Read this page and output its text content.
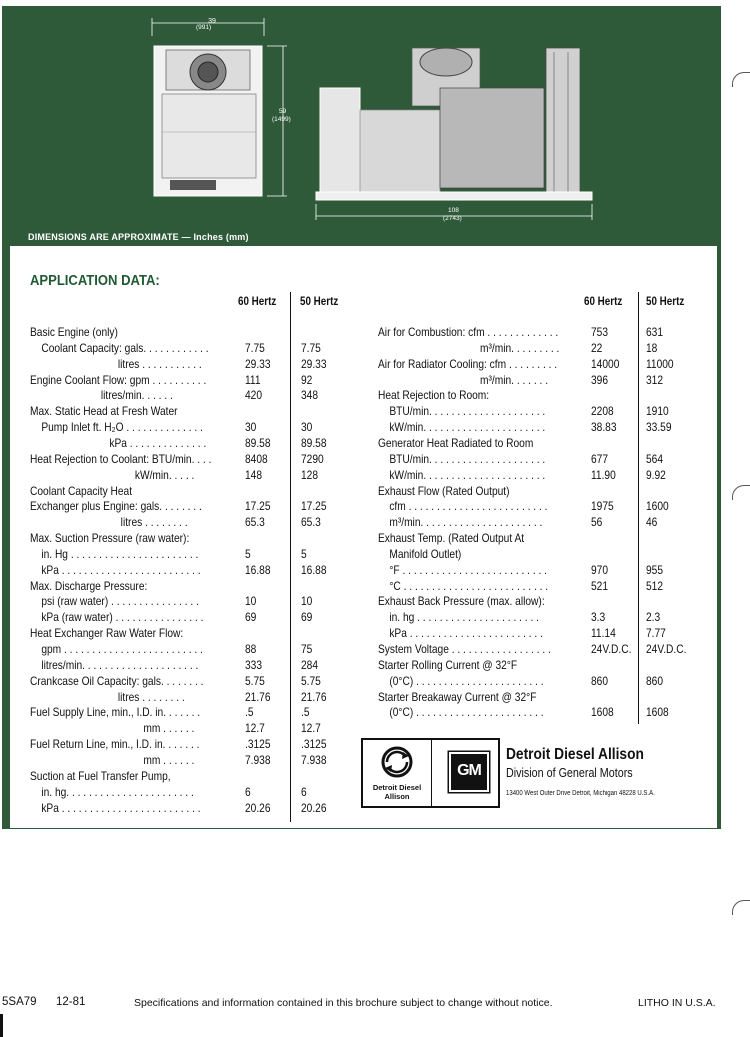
39
(991)
59
(1499)
108
(2743)
DIMENSIONS ARE APPROXIMATE — Inches (mm)
APPLICATION DATA:
60 Hertz 50 Hertz	60 Hertz 50 Hertz
Basic Engine (only)
Coolant Capacity: gals. . . . . . . . . . . .	7.75	7.75
litres . . . . . . . . . . .	29.33	29.33
Engine Coolant Flow: gpm . . . . . . . . . .	111	92
litres/min. . . . . .	420	348
Max. Static Head at Fresh Water
Pump Inlet ft. H₂O . . . . . . . . . . . . . .	30	30
kPa . . . . . . . . . . . . . .	89.58	89.58
Heat Rejection to Coolant: BTU/min. . . .	8408	7290
kW/min. . . . .	148	128
Coolant Capacity Heat
Exchanger plus Engine: gals. . . . . . . .	17.25	17.25
litres . . . . . . . .	65.3	65.3
Max. Suction Pressure (raw water):
in. Hg . . . . . . . . . . . . . . . . . . . . . . .	5	5
kPa . . . . . . . . . . . . . . . . . . . . . . . . .	16.88	16.88
Max. Discharge Pressure:
psi (raw water) . . . . . . . . . . . . . . . .	10	10
kPa (raw water) . . . . . . . . . . . . . . . .	69	69
Heat Exchanger Raw Water Flow:
gpm . . . . . . . . . . . . . . . . . . . . . . . . .	88	75
litres/min. . . . . . . . . . . . . . . . . . . . .	333	284
Crankcase Oil Capacity: gals. . . . . . . .	5.75	5.75
litres . . . . . . . .	21.76	21.76
Fuel Supply Line, min., I.D. in. . . . . . .	.5	.5
mm . . . . . .	12.7	12.7
Fuel Return Line, min., I.D. in. . . . . . .	.3125	.3125
mm . . . . . .	7.938	7.938
Suction at Fuel Transfer Pump,
in. hg. . . . . . . . . . . . . . . . . . . . . . .	6	6
kPa . . . . . . . . . . . . . . . . . . . . . . . . .	20.26	20.26
Air for Combustion: cfm . . . . . . . . . . . . .	753	631
m³/min. . . . . . . . .	22	18
Air for Radiator Cooling: cfm . . . . . . . . .	14000 11000
m³/min. . . . . . .	396	312
Heat Rejection to Room:
BTU/min. . . . . . . . . . . . . . . . . . . . .	2208	1910
kW/min. . . . . . . . . . . . . . . . . . . . . .	38.83 33.59
Generator Heat Radiated to Room
BTU/min. . . . . . . . . . . . . . . . . . . . .	677	564
kW/min. . . . . . . . . . . . . . . . . . . . . .	11.90	9.92
Exhaust Flow (Rated Output)
cfm . . . . . . . . . . . . . . . . . . . . . . . . .	1975	1600
m³/min. . . . . . . . . . . . . . . . . . . . . .	56	46
Exhaust Temp. (Rated Output At
Manifold Outlet)
°F . . . . . . . . . . . . . . . . . . . . . . . . . .	970	955
°C . . . . . . . . . . . . . . . . . . . . . . . . . .	521	512
Exhaust Back Pressure (max. allow):
in. hg . . . . . . . . . . . . . . . . . . . . . .	3.3	2.3
kPa . . . . . . . . . . . . . . . . . . . . . . . .	11.14	7.77
System Voltage . . . . . . . . . . . . . . . . . .	24V.D.C. 24V.D.C.
Starter Rolling Current @ 32°F
(0°C) . . . . . . . . . . . . . . . . . . . . . . .	860	860
Starter Breakaway Current @ 32°F
(0°C) . . . . . . . . . . . . . . . . . . . . . . .	1608	1608
Detroit Diesel Allison
GM
Detroit Diesel Allison
Division of General Motors
13400 West Outer Drive Detroit, Michigan 48228 U.S.A.
5SA79 12-81	Specifications and information contained in this brochure subject to change without notice.	LITHO IN U.S.A.
